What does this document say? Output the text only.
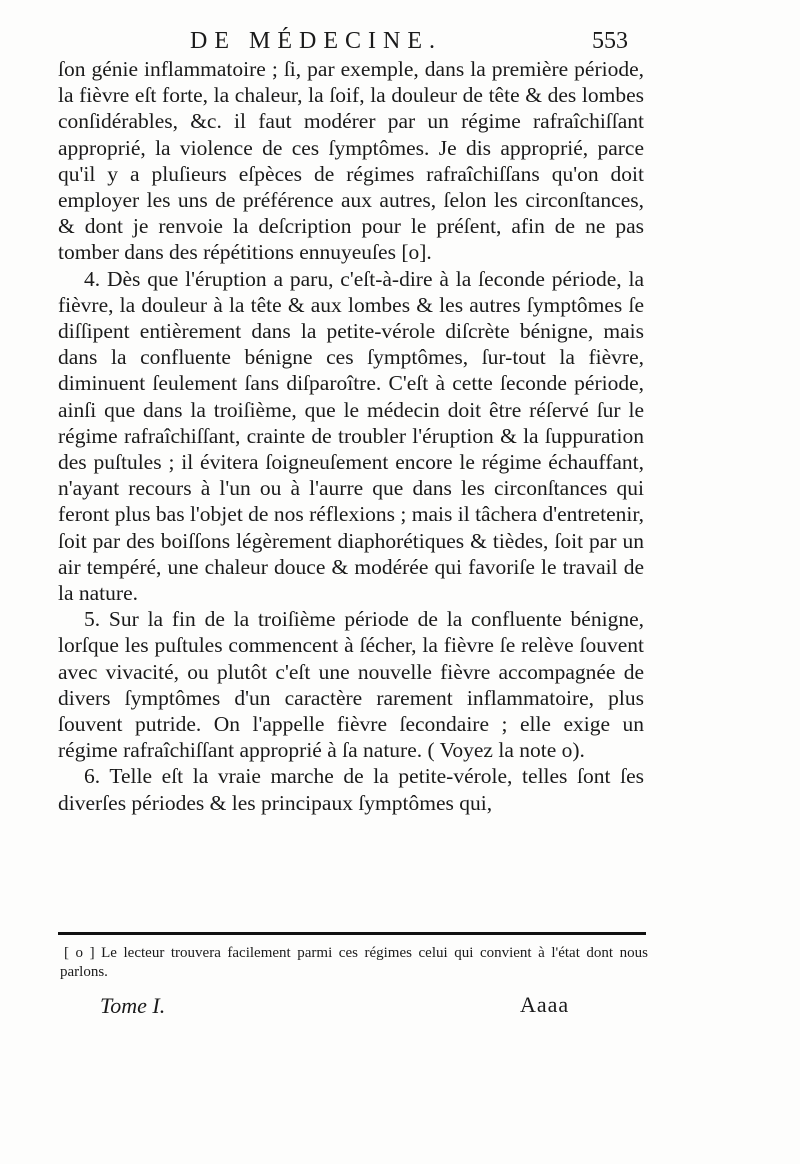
DE MÉDECINE.	553

ſon génie inflammatoire ; ſi, par exemple, dans la première période, la fièvre eſt forte, la chaleur, la ſoif, la douleur de tête & des lombes conſidérables, &c. il faut modérer par un régime rafraîchiſſant approprié, la violence de ces ſymptômes. Je dis approprié, parce qu'il y a pluſieurs eſpèces de régimes rafraîchiſſans qu'on doit employer les uns de préférence aux autres, ſelon les circonſtances, & dont je renvoie la deſcription pour le préſent, afin de ne pas tomber dans des répétitions ennuyeuſes [o].

4. Dès que l'éruption a paru, c'eſt-à-dire à la ſeconde période, la fièvre, la douleur à la tête & aux lombes & les autres ſymptômes ſe diſſipent entièrement dans la petite-vérole diſcrète bénigne, mais dans la confluente bénigne ces ſymptômes, ſur-tout la fièvre, diminuent ſeulement ſans diſparoître. C'eſt à cette ſeconde période, ainſi que dans la troiſième, que le médecin doit être réſervé ſur le régime rafraîchiſſant, crainte de troubler l'éruption & la ſuppuration des puſtules ; il évitera ſoigneuſement encore le régime échauffant, n'ayant recours à l'un ou à l'aurre que dans les circonſtances qui feront plus bas l'objet de nos réflexions ; mais il tâchera d'entretenir, ſoit par des boiſſons légèrement diaphorétiques & tièdes, ſoit par un air tempéré, une chaleur douce & modérée qui favoriſe le travail de la nature.

5. Sur la fin de la troiſième période de la confluente bénigne, lorſque les puſtules commencent à ſécher, la fièvre ſe relève ſouvent avec vivacité, ou plutôt c'eſt une nouvelle fièvre accompagnée de divers ſymptômes d'un caractère rarement inflammatoire, plus ſouvent putride. On l'appelle fièvre ſecondaire ; elle exige un régime rafraîchiſſant approprié à ſa nature. ( Voyez la note o).

6. Telle eſt la vraie marche de la petite-vérole, telles ſont ſes diverſes périodes & les principaux ſymptômes qui,

[ o ] Le lecteur trouvera facilement parmi ces régimes celui qui convient à l'état dont nous parlons.
Tome I.	Aaaa
